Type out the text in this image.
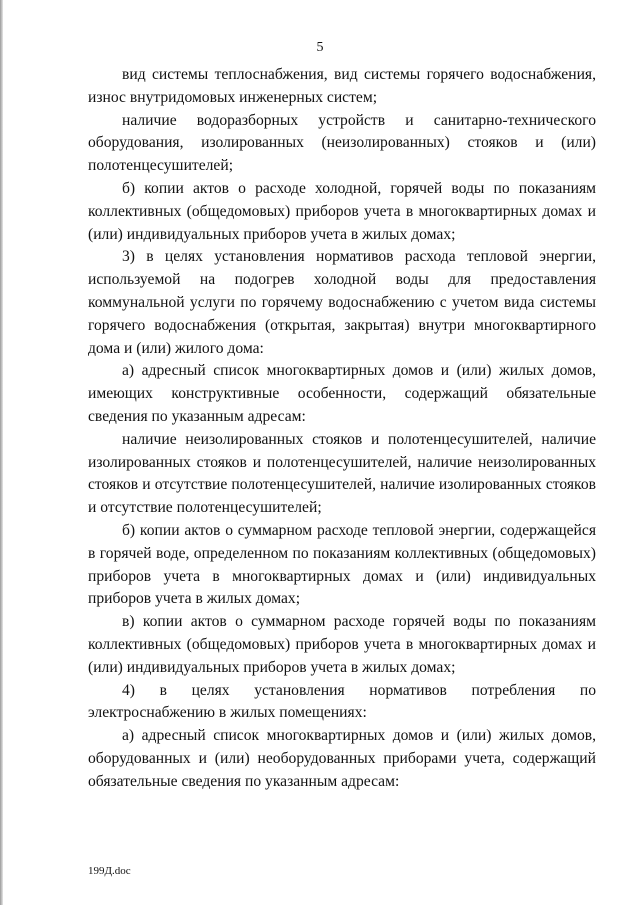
5

вид системы теплоснабжения, вид системы горячего водоснабжения, износ внутридомовых инженерных систем;

наличие водоразборных устройств и санитарно-технического оборудования, изолированных (неизолированных) стояков и (или) полотенцесушителей;

б) копии актов о расходе холодной, горячей воды по показаниям коллективных (общедомовых) приборов учета в многоквартирных домах и (или) индивидуальных приборов учета в жилых домах;

3) в целях установления нормативов расхода тепловой энергии, используемой на подогрев холодной воды для предоставления коммунальной услуги по горячему водоснабжению с учетом вида системы горячего водоснабжения (открытая, закрытая) внутри многоквартирного дома и (или) жилого дома:

а) адресный список многоквартирных домов и (или) жилых домов, имеющих конструктивные особенности, содержащий обязательные сведения по указанным адресам:

наличие неизолированных стояков и полотенцесушителей, наличие изолированных стояков и полотенцесушителей, наличие неизолированных стояков и отсутствие полотенцесушителей, наличие изолированных стояков и отсутствие полотенцесушителей;

б) копии актов о суммарном расходе тепловой энергии, содержащейся

в горячей воде, определенном по показаниям коллективных (общедомовых) приборов учета в многоквартирных домах и (или) индивидуальных приборов учета в жилых домах;

в) копии актов о суммарном расходе горячей воды по показаниям коллективных (общедомовых) приборов учета в многоквартирных домах и (или) индивидуальных приборов учета в жилых домах;

4) в целях установления нормативов потребления по электроснабжению в жилых помещениях:

а) адресный список многоквартирных домов и (или) жилых домов, оборудованных и (или) необорудованных приборами учета, содержащий обязательные сведения по указанным адресам:

199Д.doc
